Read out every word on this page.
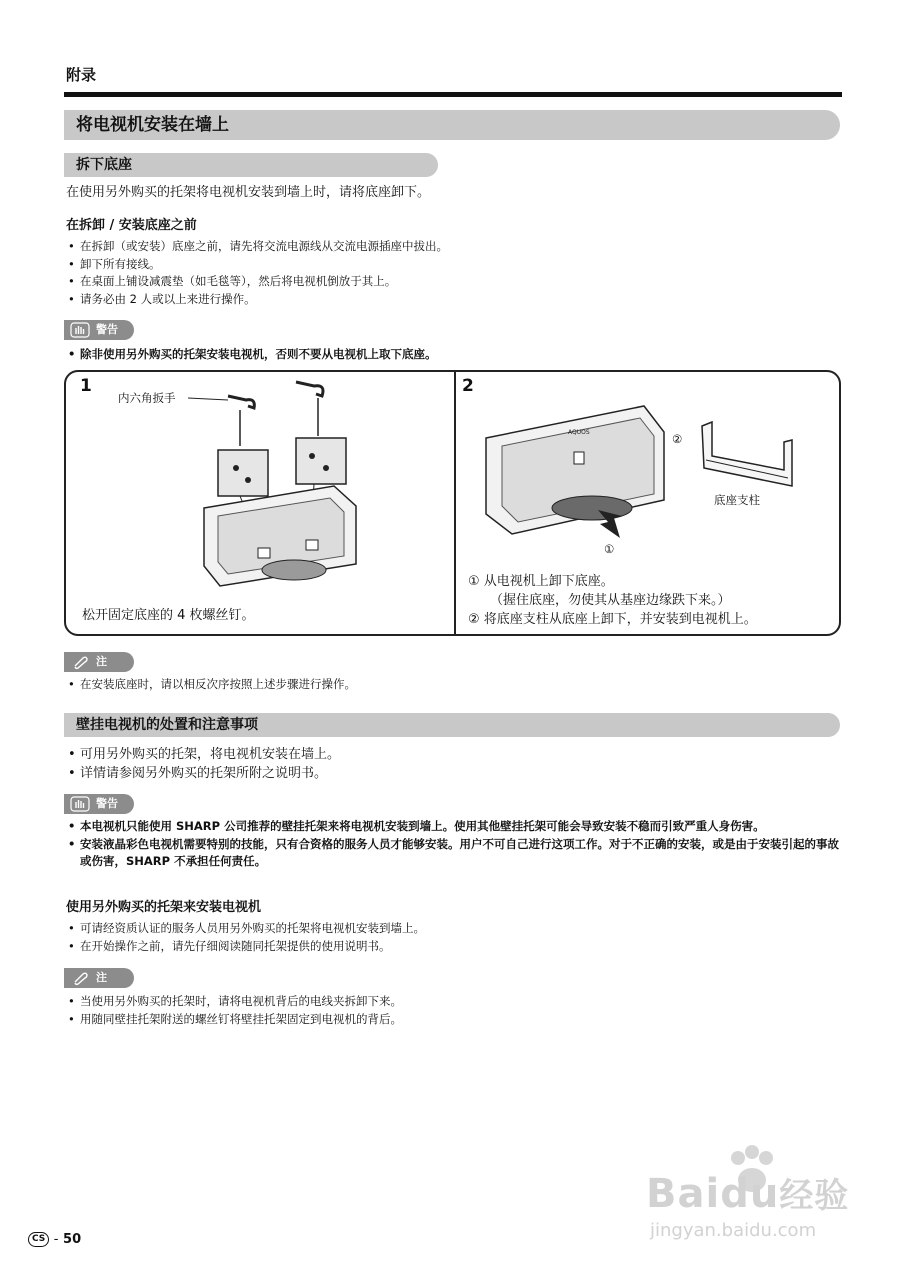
附录
将电视机安装在墙上
拆下底座
在使用另外购买的托架将电视机安装到墙上时，请将底座卸下。
在拆卸 / 安装底座之前
• 在拆卸（或安装）底座之前，请先将交流电源线从交流电源插座中拔出。
• 卸下所有接线。
• 在桌面上铺设减震垫（如毛毯等），然后将电视机倒放于其上。
• 请务必由 2 人或以上来进行操作。
警告
• 除非使用另外购买的托架安装电视机，否则不要从电视机上取下底座。
1
内六角扳手
松开固定底座的 4 枚螺丝钉。
2
AQUOS	②
①
底座支柱
① 从电视机上卸下底座。
（握住底座，勿使其从基座边缘跌下来。）
② 将底座支柱从底座上卸下，并安装到电视机上。
注
• 在安装底座时，请以相反次序按照上述步骤进行操作。
壁挂电视机的处置和注意事项
• 可用另外购买的托架，将电视机安装在墙上。
• 详情请参阅另外购买的托架所附之说明书。
警告
• 本电视机只能使用 SHARP 公司推荐的壁挂托架来将电视机安装到墙上。使用其他壁挂托架可能会导致安装不稳而引致严重人身伤害。
• 安装液晶彩色电视机需要特别的技能，只有合资格的服务人员才能够安装。用户不可自己进行这项工作。对于不正确的安装，或是由于安装引起的事故或伤害，SHARP 不承担任何责任。
使用另外购买的托架来安装电视机
• 可请经资质认证的服务人员用另外购买的托架将电视机安装到墙上。
• 在开始操作之前，请先仔细阅读随同托架提供的使用说明书。
注
• 当使用另外购买的托架时，请将电视机背后的电线夹拆卸下来。
• 用随同壁挂托架附送的螺丝钉将壁挂托架固定到电视机的背后。
Baidu经验
jingyan.baidu.com
CS - 50
